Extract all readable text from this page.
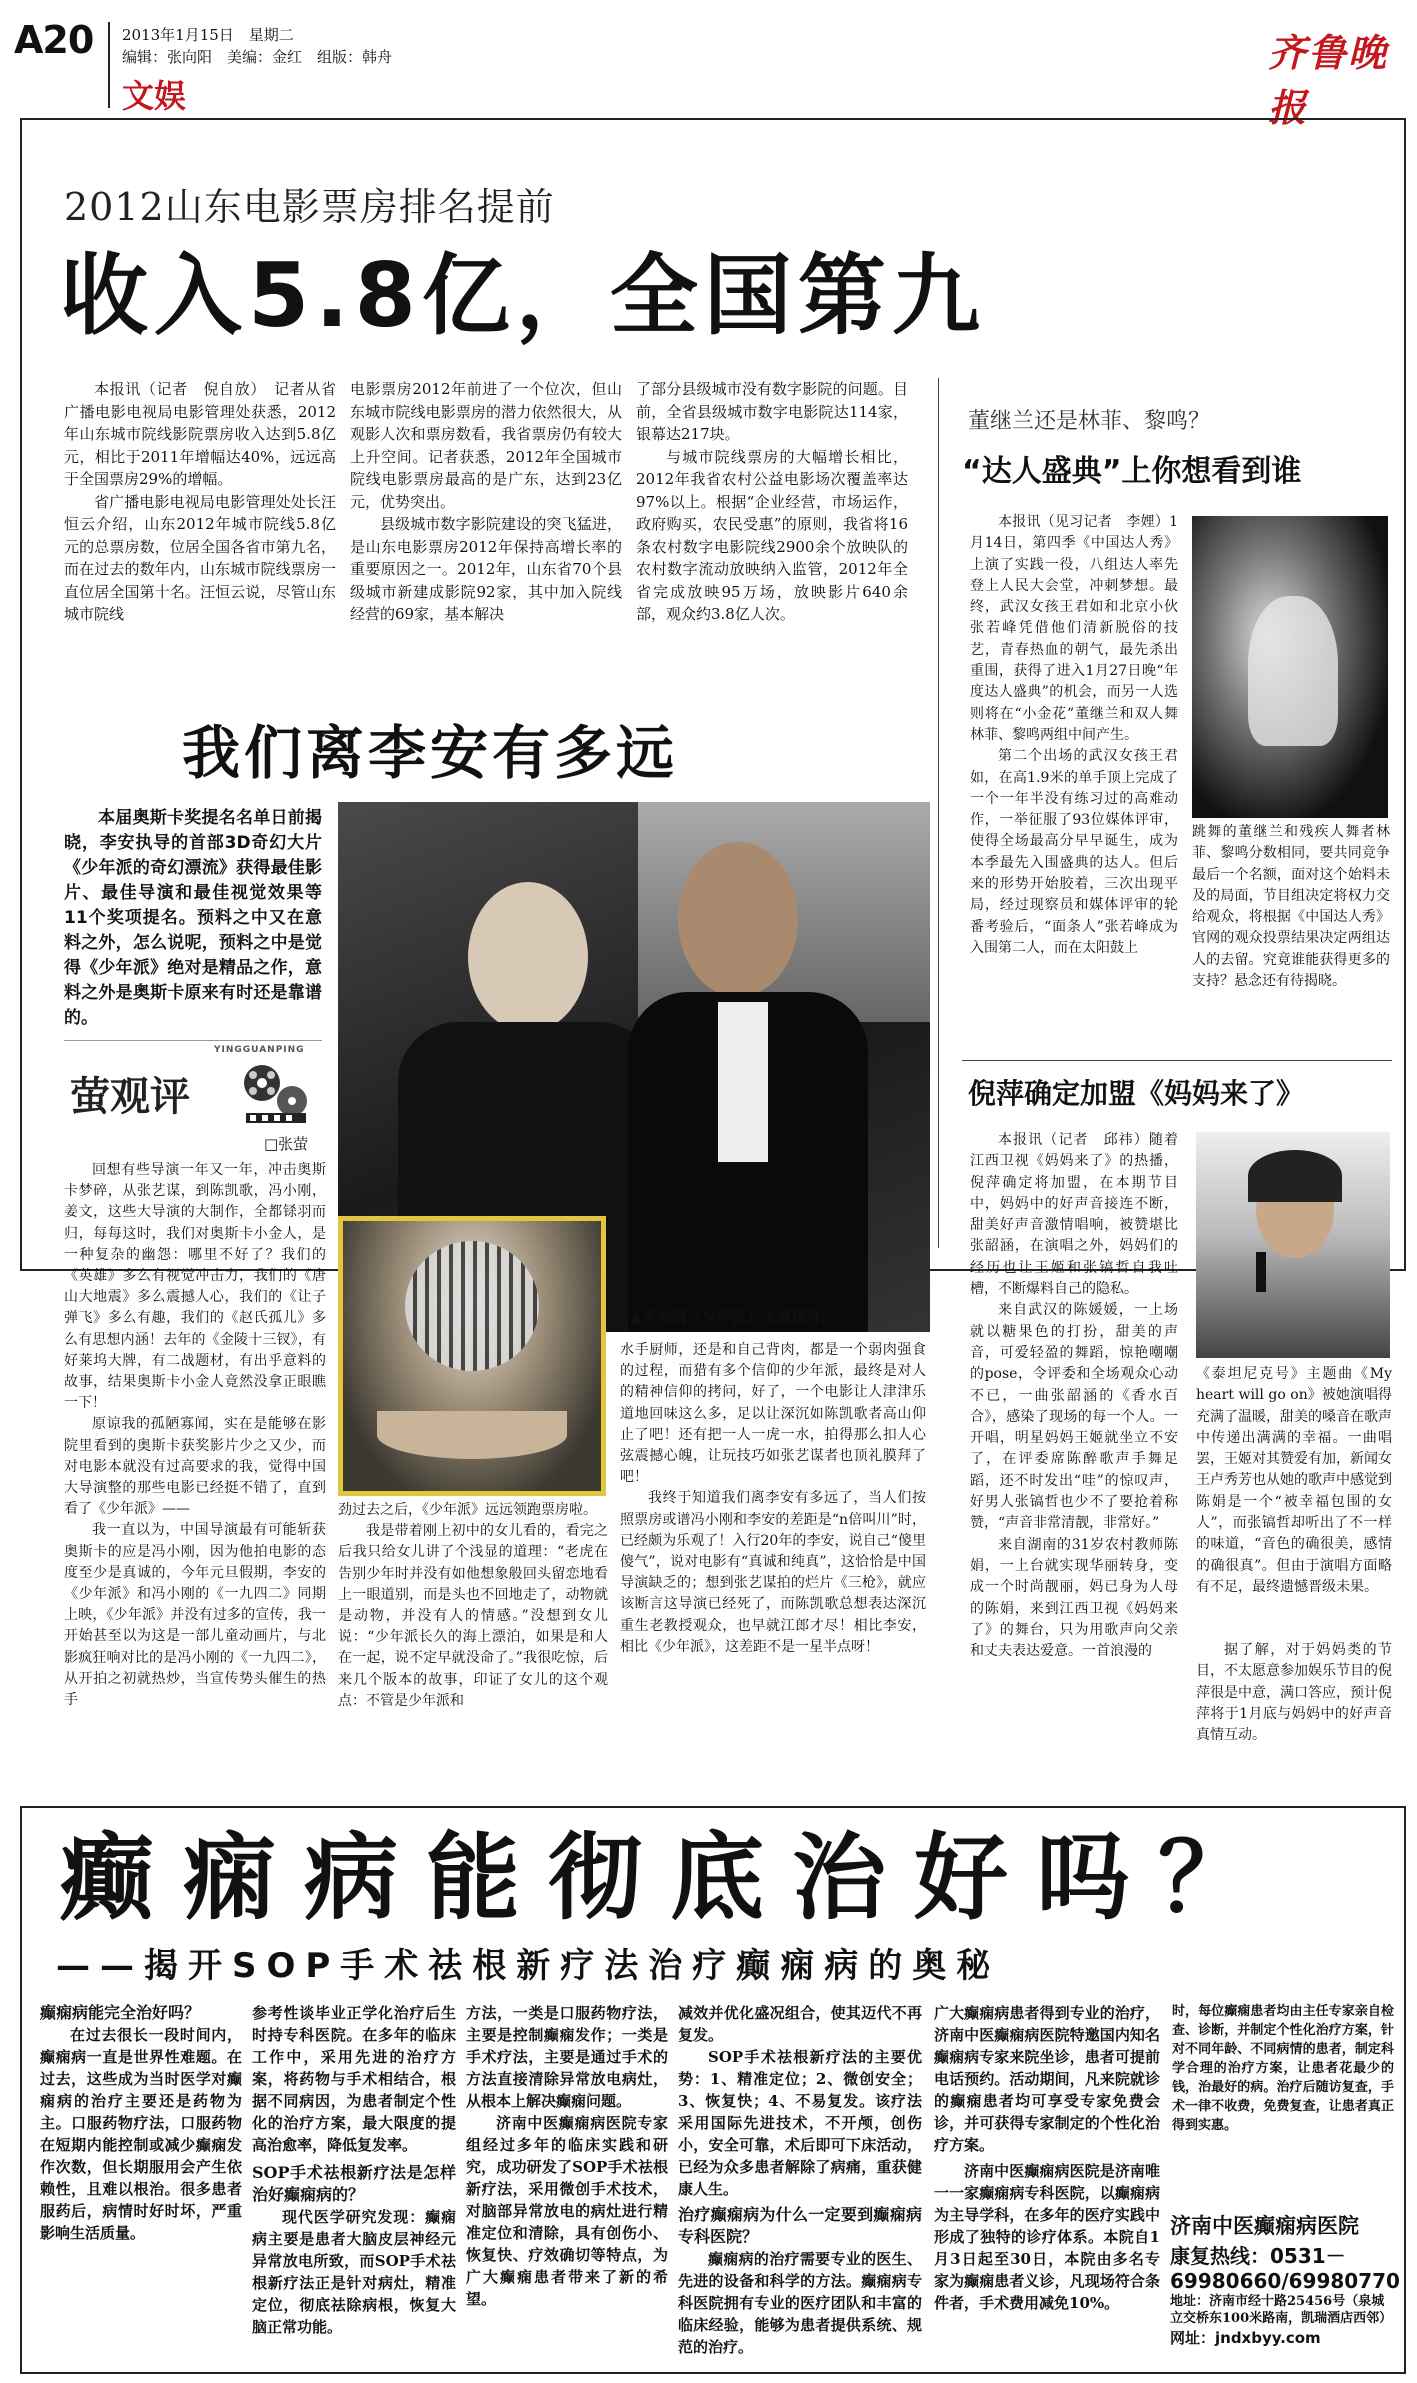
A20 2013年1月15日　星期二
编辑：张向阳　美编：金红　组版：韩舟
文娱
齐鲁晚报
2012山东电影票房排名提前
收入5.8亿，全国第九

本报讯（记者　倪自放）　记者从省广播电影电视局电影管理处获悉，2012年山东城市院线影院票房收入达到5.8亿元，相比于2011年增幅达40%，远远高于全国票房29%的增幅。

省广播电影电视局电影管理处处长汪恒云介绍，山东2012年城市院线5.8亿元的总票房数，位居全国各省市第九名，而在过去的数年内，山东城市院线票房一直位居全国第十名。汪恒云说，尽管山东城市院线

电影票房2012年前进了一个位次，但山东城市院线电影票房的潜力依然很大，从观影人次和票房数看，我省票房仍有较大上升空间。记者获悉，2012年全国城市院线电影票房最高的是广东，达到23亿元，优势突出。

县级城市数字影院建设的突飞猛进，是山东电影票房2012年保持高增长率的重要原因之一。2012年，山东省70个县级城市新建成影院92家，其中加入院线经营的69家，基本解决

了部分县级城市没有数字影院的问题。目前，全省县级城市数字电影院达114家，银幕达217块。

与城市院线票房的大幅增长相比，2012年我省农村公益电影场次覆盖率达97%以上。根据“企业经营，市场运作，政府购买，农民受惠”的原则，我省将16条农村数字电影院线2900余个放映队的农村数字流动放映纳入监管，2012年全省完成放映95万场，放映影片640余部，观众约3.8亿人次。

我们离李安有多远
本届奥斯卡奖提名名单日前揭晓，李安执导的首部3D奇幻大片《少年派的奇幻漂流》获得最佳影片、最佳导演和最佳视觉效果等11个奖项提名。预料之中又在意料之外，怎么说呢，预料之中是觉得《少年派》绝对是精品之作，意料之外是奥斯卡原来有时还是靠谱的。
YINGGUANPING
萤观评
□张萤
▲李安携《少年派》主演现身。

回想有些导演一年又一年，冲击奥斯卡梦碎，从张艺谋，到陈凯歌，冯小刚，姜文，这些大导演的大制作，全都铩羽而归，每每这时，我们对奥斯卡小金人，是一种复杂的幽怨：哪里不好了？我们的《英雄》多么有视觉冲击力，我们的《唐山大地震》多么震撼人心，我们的《让子弹飞》多么有趣，我们的《赵氏孤儿》多么有思想内涵！去年的《金陵十三钗》，有好莱坞大牌，有二战题材，有出乎意料的故事，结果奥斯卡小金人竟然没拿正眼瞧一下！

原谅我的孤陋寡闻，实在是能够在影院里看到的奥斯卡获奖影片少之又少，而对电影本就没有过高要求的我，觉得中国大导演整的那些电影已经挺不错了，直到看了《少年派》——

我一直以为，中国导演最有可能斩获奥斯卡的应是冯小刚，因为他拍电影的态度至少是真诚的，今年元旦假期，李安的《少年派》和冯小刚的《一九四二》同期上映，《少年派》并没有过多的宣传，我一开始甚至以为这是一部儿童动画片，与北影疯狂响对比的是冯小刚的《一九四二》，从开拍之初就热炒，当宣传势头催生的热手

劲过去之后，《少年派》远远领跑票房啦。

我是带着刚上初中的女儿看的，看完之后我只给女儿讲了个浅显的道理：“老虎在告别少年时并没有如他想象般回头留恋地看上一眼道别，而是头也不回地走了，动物就是动物，并没有人的情感。”没想到女儿说：“少年派长久的海上漂泊，如果是和人在一起，说不定早就没命了。”我很吃惊，后来几个版本的故事，印证了女儿的这个观点：不管是少年派和

水手厨师，还是和自己背肉，都是一个弱肉强食的过程，而猎有多个信仰的少年派，最终是对人的精神信仰的拷问，好了，一个电影让人津津乐道地回味这么多，足以让深沉如陈凯歌者高山仰止了吧！还有把一人一虎一水，拍得那么扣人心弦震撼心魄，让玩技巧如张艺谋者也顶礼膜拜了吧！

我终于知道我们离李安有多远了，当人们按照票房或谱冯小刚和李安的差距是“n倍叫川”时，已经颇为乐观了！入行20年的李安，说自己“傻里傻气”，说对电影有“真诚和纯真”，这恰恰是中国导演缺乏的；想到张艺谋拍的烂片《三枪》，就应该断言这导演已经死了，而陈凯歌总想表达深沉重生老教授观众，也早就江郎才尽！相比李安，相比《少年派》，这差距不是一星半点呀！

董继兰还是林菲、黎鸣？
“达人盛典”上你想看到谁

本报讯（见习记者　李娌）1月14日，第四季《中国达人秀》上演了实践一役，八组达人率先登上人民大会堂，冲刺梦想。最终，武汉女孩王君如和北京小伙张若峰凭借他们清新脱俗的技艺，青春热血的朝气，最先杀出重围，获得了进入1月27日晚“年度达人盛典”的机会，而另一人选则将在“小金花”董继兰和双人舞林菲、黎鸣两组中间产生。

第二个出场的武汉女孩王君如，在高1.9米的单手顶上完成了一个一年半没有练习过的高难动作，一举征服了93位媒体评审，使得全场最高分早早诞生，成为本季最先入围盛典的达人。但后来的形势开始胶着，三次出现平局，经过现察员和媒体评审的轮番考验后，“面条人”张若峰成为入围第二人，而在太阳鼓上

跳舞的董继兰和残疾人舞者林菲、黎鸣分数相同，要共同竞争最后一个名额，面对这个始料未及的局面，节目组决定将权力交给观众，将根据《中国达人秀》官网的观众投票结果决定两组达人的去留。究竟谁能获得更多的支持？悬念还有待揭晓。
倪萍确定加盟《妈妈来了》

本报讯（记者　邱祎）随着江西卫视《妈妈来了》的热播，倪萍确定将加盟，在本期节目中，妈妈中的好声音接连不断，甜美好声音激情唱响，被赞堪比张韶涵，在演唱之外，妈妈们的经历也让王姬和张镐哲自我吐槽，不断爆料自己的隐私。

来自武汉的陈媛媛，一上场就以糖果色的打扮，甜美的声音，可爱轻盈的舞蹈，惊艳嘲嘲的pose，令评委和全场观众心动不已，一曲张韶涵的《香水百合》，感染了现场的每一个人。一开唱，明星妈妈王姬就坐立不安了，在评委席陈醉歌声手舞足蹈，还不时发出“哇”的惊叹声，好男人张镐哲也少不了要抢着称赞，“声音非常清靓，非常好。”

来自湖南的31岁农村教师陈娟，一上台就实现华丽转身，变成一个时尚靓丽，妈已身为人母的陈娟，来到江西卫视《妈妈来了》的舞台，只为用歌声向父亲和丈夫表达爱意。一首浪漫的

《泰坦尼克号》主题曲《My heart will go on》被她演唱得充满了温暖，甜美的嗓音在歌声中传递出满满的幸福。一曲唱罢，王姬对其赞爱有加，新闻女王卢秀芳也从她的歌声中感觉到陈娟是一个“被幸福包围的女人”，而张镐哲却听出了不一样的味道，“音色的确很美，感情的确很真”。但由于演唱方面略有不足，最终遗憾晋级未果。
据了解，对于妈妈类的节目，不太愿意参加娱乐节目的倪萍很是中意，满口答应，预计倪萍将于1月底与妈妈中的好声音真情互动。
癫痫病能彻底治好吗？
——揭开SOP手术祛根新疗法治疗癫痫病的奥秘
癫痫病能完全治好吗？
在过去很长一段时间内，癫痫病一直是世界性难题。在过去，这些成为当时医学对癫痫病的治疗主要还是药物为主。口服药物疗法，口服药物在短期内能控制或减少癫痫发作次数，但长期服用会产生依赖性，且难以根治。很多患者服药后，病情时好时坏，严重影响生活质量。
参考性谈毕业正学化治疗后生时持专科医院。在多年的临床工作中，采用先进的治疗方案，将药物与手术相结合，根据不同病因，为患者制定个性化的治疗方案，最大限度的提高治愈率，降低复发率。
SOP手术祛根新疗法是怎样治好癫痫病的？
现代医学研究发现：癫痫病主要是患者大脑皮层神经元异常放电所致，而SOP手术祛根新疗法正是针对病灶，精准定位，彻底祛除病根，恢复大脑正常功能。
方法，一类是口服药物疗法，主要是控制癫痫发作；一类是手术疗法，主要是通过手术的方法直接清除异常放电病灶，从根本上解决癫痫问题。
济南中医癫痫病医院专家组经过多年的临床实践和研究，成功研发了SOP手术祛根新疗法，采用微创手术技术，对脑部异常放电的病灶进行精准定位和清除，具有创伤小、恢复快、疗效确切等特点，为广大癫痫患者带来了新的希望。
减效并优化盛况组合，使其迈代不再复发。
SOP手术祛根新疗法的主要优势：1、精准定位；2、微创安全；3、恢复快；4、不易复发。该疗法采用国际先进技术，不开颅，创伤小，安全可靠，术后即可下床活动，已经为众多患者解除了病痛，重获健康人生。
治疗癫痫病为什么一定要到癫痫病专科医院？
癫痫病的治疗需要专业的医生、先进的设备和科学的方法。癫痫病专科医院拥有专业的医疗团队和丰富的临床经验，能够为患者提供系统、规范的治疗。
广大癫痫病患者得到专业的治疗，济南中医癫痫病医院特邀国内知名癫痫病专家来院坐诊，患者可提前电话预约。活动期间，凡来院就诊的癫痫患者均可享受专家免费会诊，并可获得专家制定的个性化治疗方案。
济南中医癫痫病医院是济南唯一一家癫痫病专科医院，以癫痫病为主导学科，在多年的医疗实践中形成了独特的诊疗体系。本院自1月3日起至30日，本院由多名专家为癫痫患者义诊，凡现场符合条件者，手术费用减免10%。
时，每位癫痫患者均由主任专家亲自检查、诊断，并制定个性化治疗方案，针对不同年龄、不同病情的患者，制定科学合理的治疗方案，让患者花最少的钱，治最好的病。治疗后随访复查，手术一律不收费，免费复查，让患者真正得到实惠。
济南中医癫痫病医院
康复热线：0531－
69980660/69980770
地址：济南市经十路25456号（泉城立交桥东100米路南，凯瑞酒店西邻）
网址：jndxbyy.com
